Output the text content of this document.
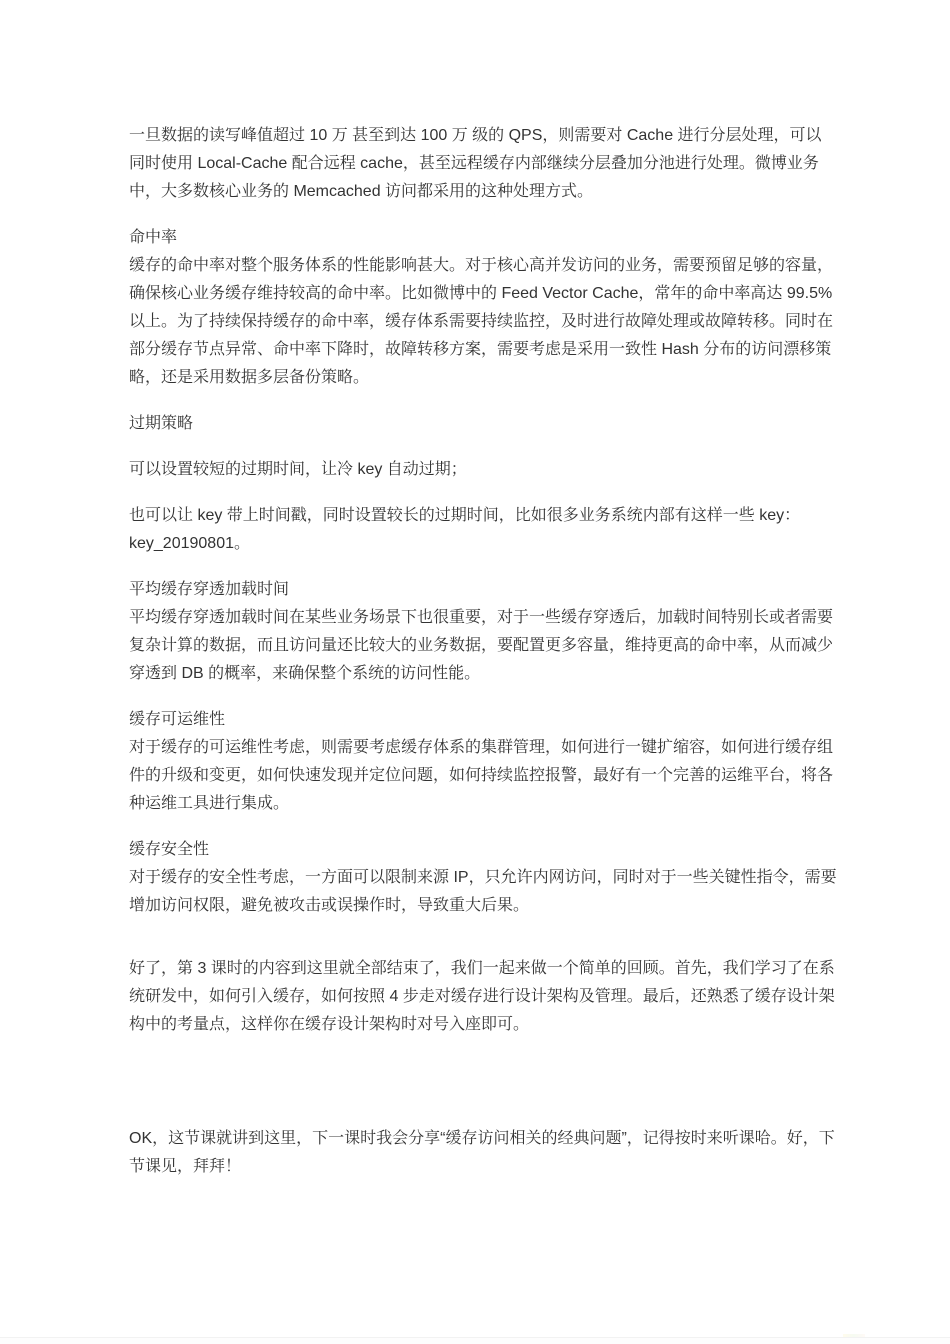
一旦数据的读写峰值超过 10 万 甚至到达 100 万 级的 QPS，则需要对 Cache 进行分层处理，可以同时使用 Local-Cache 配合远程 cache，甚至远程缓存内部继续分层叠加分池进行处理。微博业务中，大多数核心业务的 Memcached 访问都采用的这种处理方式。

命中率
缓存的命中率对整个服务体系的性能影响甚大。对于核心高并发访问的业务，需要预留足够的容量，确保核心业务缓存维持较高的命中率。比如微博中的 Feed Vector Cache，常年的命中率高达 99.5% 以上。为了持续保持缓存的命中率，缓存体系需要持续监控，及时进行故障处理或故障转移。同时在部分缓存节点异常、命中率下降时，故障转移方案，需要考虑是采用一致性 Hash 分布的访问漂移策略，还是采用数据多层备份策略。

过期策略

可以设置较短的过期时间，让冷 key 自动过期；

也可以让 key 带上时间戳，同时设置较长的过期时间，比如很多业务系统内部有这样一些 key：key_20190801。

平均缓存穿透加载时间
平均缓存穿透加载时间在某些业务场景下也很重要，对于一些缓存穿透后，加载时间特别长或者需要复杂计算的数据，而且访问量还比较大的业务数据，要配置更多容量，维持更高的命中率，从而减少穿透到 DB 的概率，来确保整个系统的访问性能。

缓存可运维性
对于缓存的可运维性考虑，则需要考虑缓存体系的集群管理，如何进行一键扩缩容，如何进行缓存组件的升级和变更，如何快速发现并定位问题，如何持续监控报警，最好有一个完善的运维平台，将各种运维工具进行集成。

缓存安全性
对于缓存的安全性考虑，一方面可以限制来源 IP，只允许内网访问，同时对于一些关键性指令，需要增加访问权限，避免被攻击或误操作时，导致重大后果。

好了，第 3 课时的内容到这里就全部结束了，我们一起来做一个简单的回顾。首先，我们学习了在系统研发中，如何引入缓存，如何按照 4 步走对缓存进行设计架构及管理。最后，还熟悉了缓存设计架构中的考量点，这样你在缓存设计架构时对号入座即可。

OK，这节课就讲到这里，下一课时我会分享“缓存访问相关的经典问题”，记得按时来听课哈。好，下节课见，拜拜！
